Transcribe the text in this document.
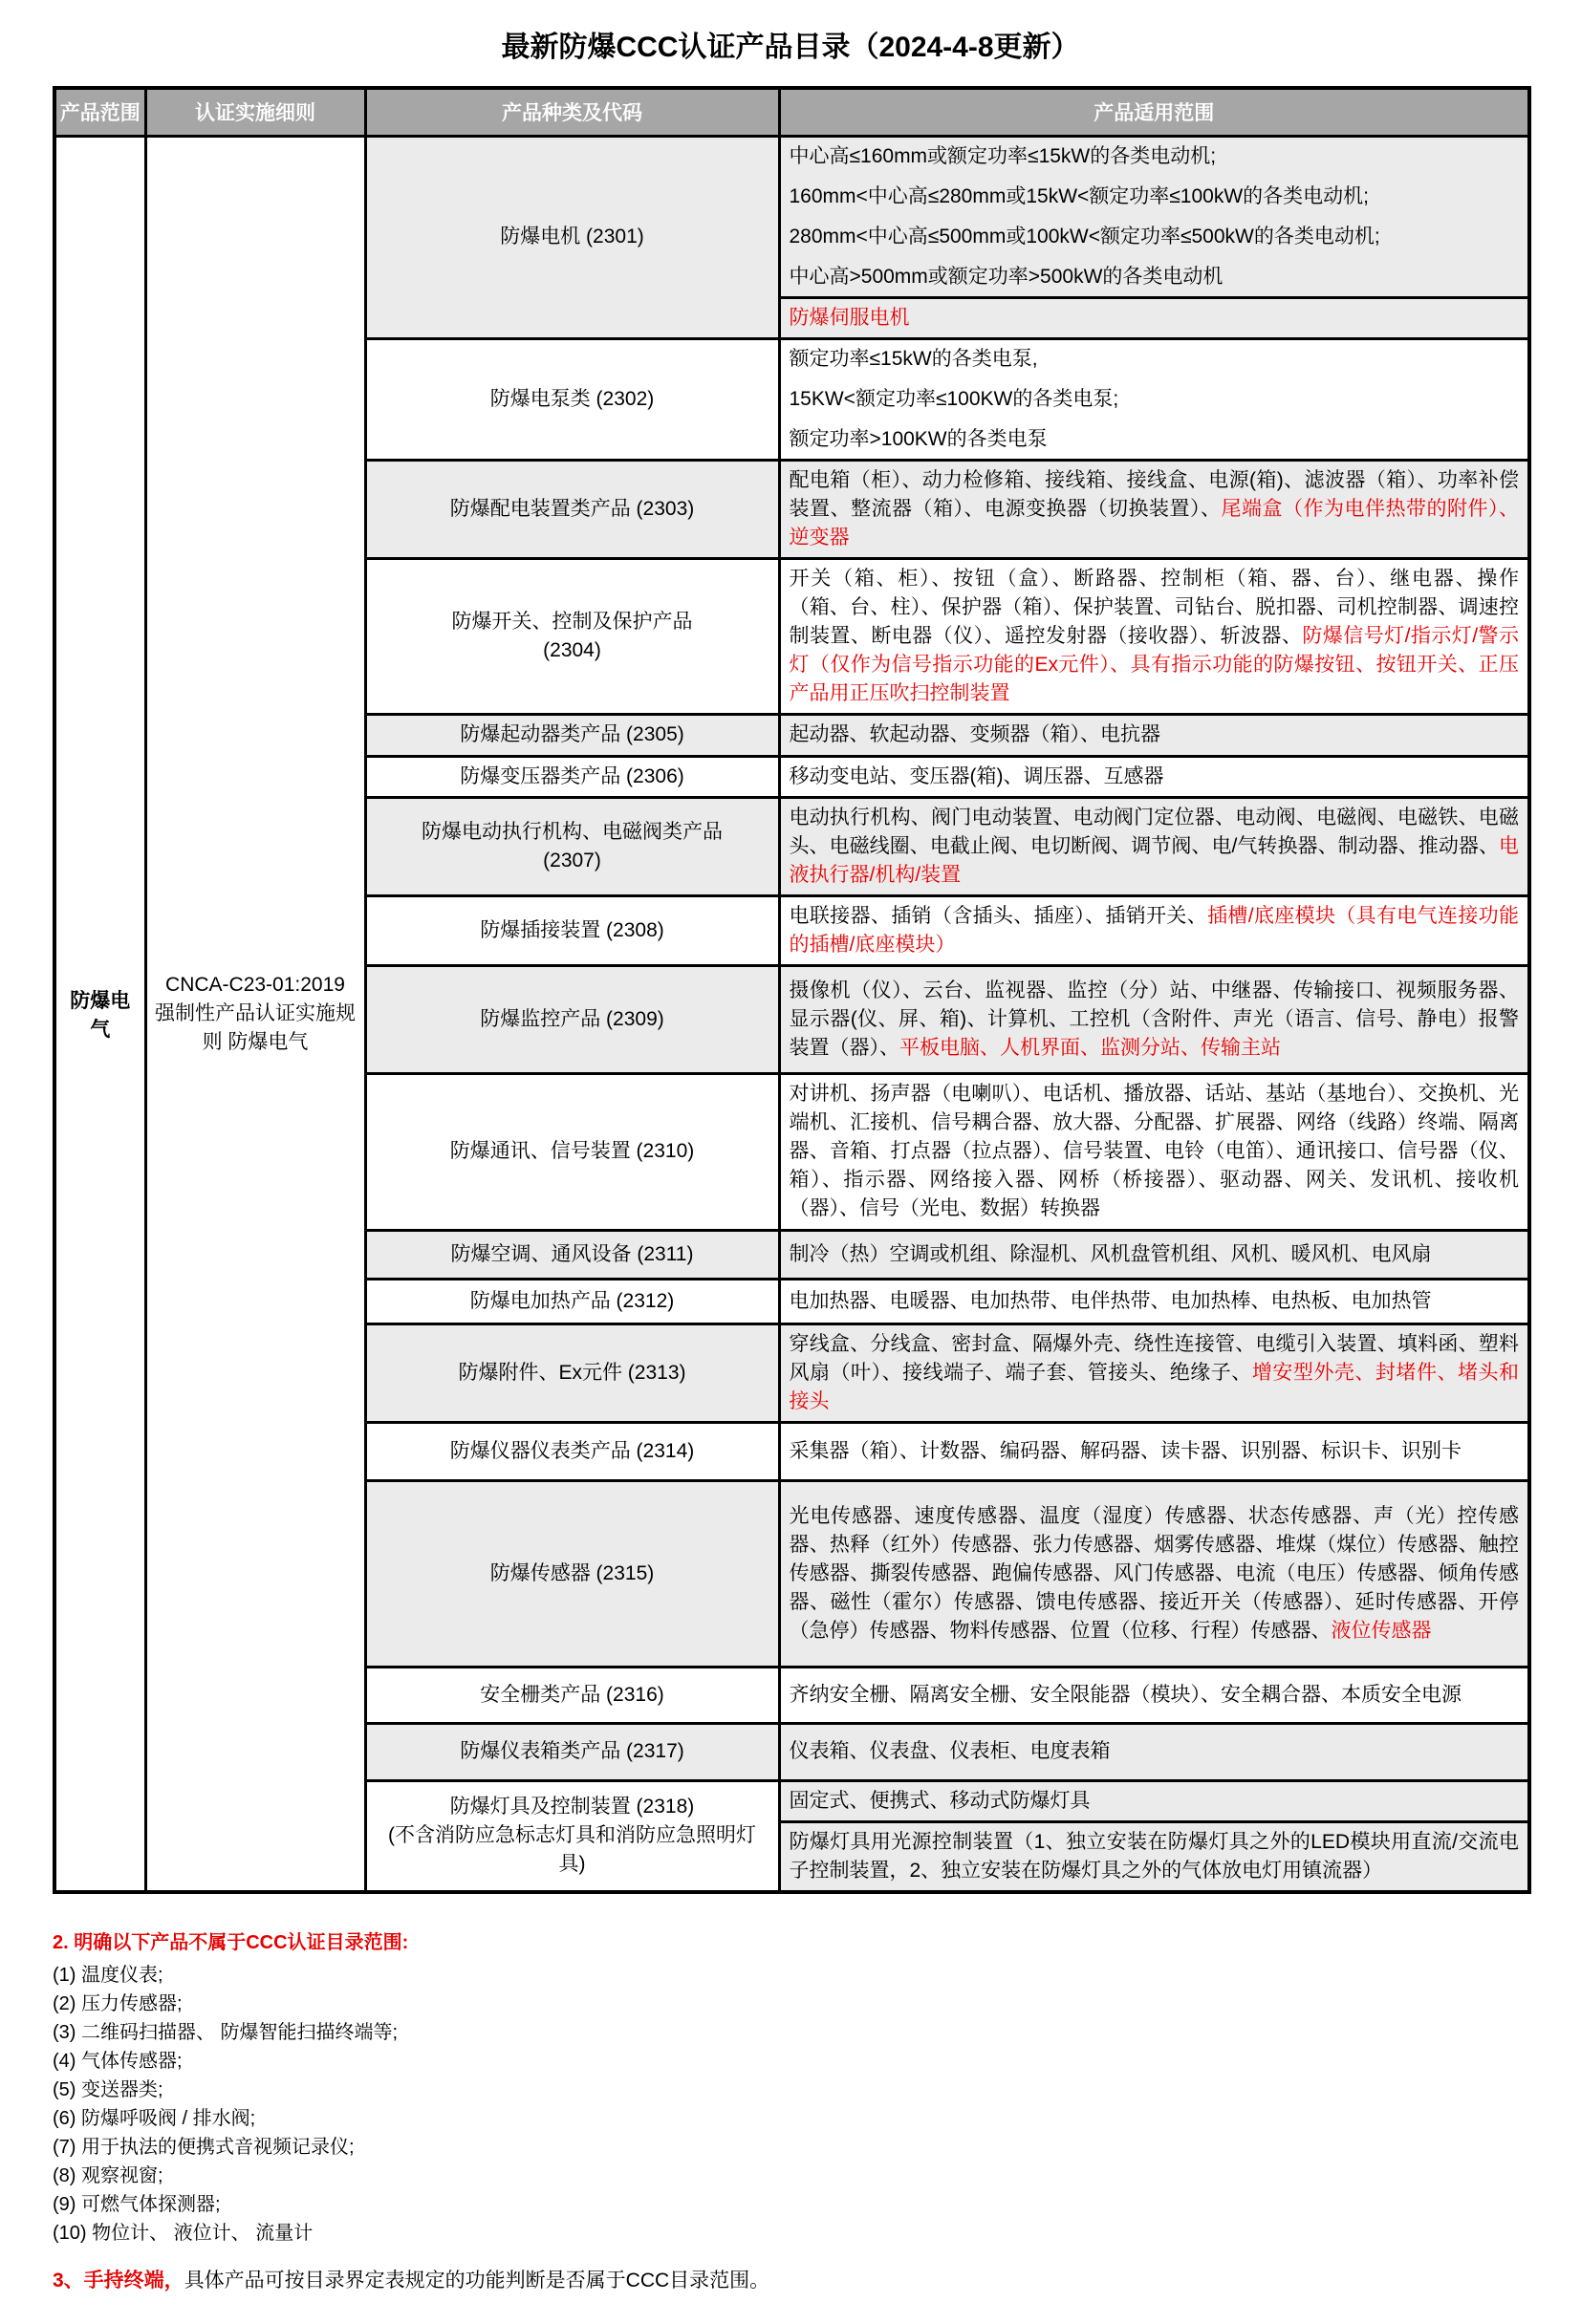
最新防爆CCC认证产品目录（2024-4-8更新）
产品范围	认证实施细则	产品种类及代码	产品适用范围
防爆电气	CNCA-C23-01:2019 强制性产品认证实施规则 防爆电气	防爆电机 (2301)	中心高≤160mm或额定功率≤15kW的各类电动机;
160mm<中心高≤280mm或15kW<额定功率≤100kW的各类电动机;
280mm<中心高≤500mm或100kW<额定功率≤500kW的各类电动机;
中心高>500mm或额定功率>500kW的各类电动机

			防爆伺服电机

		防爆电泵类 (2302)	额定功率≤15kW的各类电泵,
15KW<额定功率≤100KW的各类电泵;
额定功率>100KW的各类电泵

		防爆配电装置类产品 (2303)	配电箱（柜）、动力检修箱、接线箱、接线盒、电源(箱)、滤波器（箱）、功率补偿装置、整流器（箱）、电源变换器（切换装置）、尾端盒（作为电伴热带的附件）、逆变器

		防爆开关、控制及保护产品
(2304)	开关（箱、柜）、按钮（盒）、断路器、控制柜（箱、器、台）、继电器、操作（箱、台、柱）、保护器（箱）、保护装置、司钻台、脱扣器、司机控制器、调速控制装置、断电器（仪）、遥控发射器（接收器）、斩波器、防爆信号灯/指示灯/警示灯（仅作为信号指示功能的Ex元件）、具有指示功能的防爆按钮、按钮开关、正压产品用正压吹扫控制装置

		防爆起动器类产品 (2305)	起动器、软起动器、变频器（箱）、电抗器

		防爆变压器类产品 (2306)	移动变电站、变压器(箱)、调压器、互感器

		防爆电动执行机构、电磁阀类产品
(2307)	电动执行机构、阀门电动装置、电动阀门定位器、电动阀、电磁阀、电磁铁、电磁头、电磁线圈、电截止阀、电切断阀、调节阀、电/气转换器、制动器、推动器、电液执行器/机构/装置

		防爆插接装置 (2308)	电联接器、插销（含插头、插座）、插销开关、插槽/底座模块（具有电气连接功能的插槽/底座模块）

		防爆监控产品 (2309)	摄像机（仪）、云台、监视器、监控（分）站、中继器、传输接口、视频服务器、显示器(仪、屏、箱)、计算机、工控机（含附件、声光（语言、信号、静电）报警装置（器）、平板电脑、人机界面、监测分站、传输主站

		防爆通讯、信号装置 (2310)	对讲机、扬声器（电喇叭）、电话机、播放器、话站、基站（基地台）、交换机、光端机、汇接机、信号耦合器、放大器、分配器、扩展器、网络（线路）终端、隔离器、音箱、打点器（拉点器）、信号装置、电铃（电笛）、通讯接口、信号器（仪、箱）、指示器、网络接入器、网桥（桥接器）、驱动器、网关、发讯机、接收机（器）、信号（光电、数据）转换器

		防爆空调、通风设备 (2311)	制冷（热）空调或机组、除湿机、风机盘管机组、风机、暖风机、电风扇

		防爆电加热产品 (2312)	电加热器、电暖器、电加热带、电伴热带、电加热棒、电热板、电加热管

		防爆附件、Ex元件 (2313)	穿线盒、分线盒、密封盒、隔爆外壳、绕性连接管、电缆引入装置、填料函、塑料风扇（叶）、接线端子、端子套、管接头、绝缘子、增安型外壳、封堵件、堵头和接头

		防爆仪器仪表类产品 (2314)	采集器（箱）、计数器、编码器、解码器、读卡器、识别器、标识卡、识别卡

		防爆传感器 (2315)	光电传感器、速度传感器、温度（湿度）传感器、状态传感器、声（光）控传感器、热释（红外）传感器、张力传感器、烟雾传感器、堆煤（煤位）传感器、触控传感器、撕裂传感器、跑偏传感器、风门传感器、电流（电压）传感器、倾角传感器、磁性（霍尔）传感器、馈电传感器、接近开关（传感器）、延时传感器、开停（急停）传感器、物料传感器、位置（位移、行程）传感器、液位传感器

		安全栅类产品 (2316)	齐纳安全栅、隔离安全栅、安全限能器（模块）、安全耦合器、本质安全电源

		防爆仪表箱类产品 (2317)	仪表箱、仪表盘、仪表柜、电度表箱

		防爆灯具及控制装置 (2318)
(不含消防应急标志灯具和消防应急照明灯具)	固定式、便携式、移动式防爆灯具

			防爆灯具用光源控制装置（1、独立安装在防爆灯具之外的LED模块用直流/交流电子控制装置，2、独立安装在防爆灯具之外的气体放电灯用镇流器）
2. 明确以下产品不属于CCC认证目录范围:
(1) 温度仪表;
(2) 压力传感器;
(3) 二维码扫描器、 防爆智能扫描终端等;
(4) 气体传感器;
(5) 变送器类;
(6) 防爆呼吸阀 / 排水阀;
(7) 用于执法的便携式音视频记录仪;
(8) 观察视窗;
(9) 可燃气体探测器;
(10) 物位计、 液位计、 流量计
3、手持终端，具体产品可按目录界定表规定的功能判断是否属于CCC目录范围。
